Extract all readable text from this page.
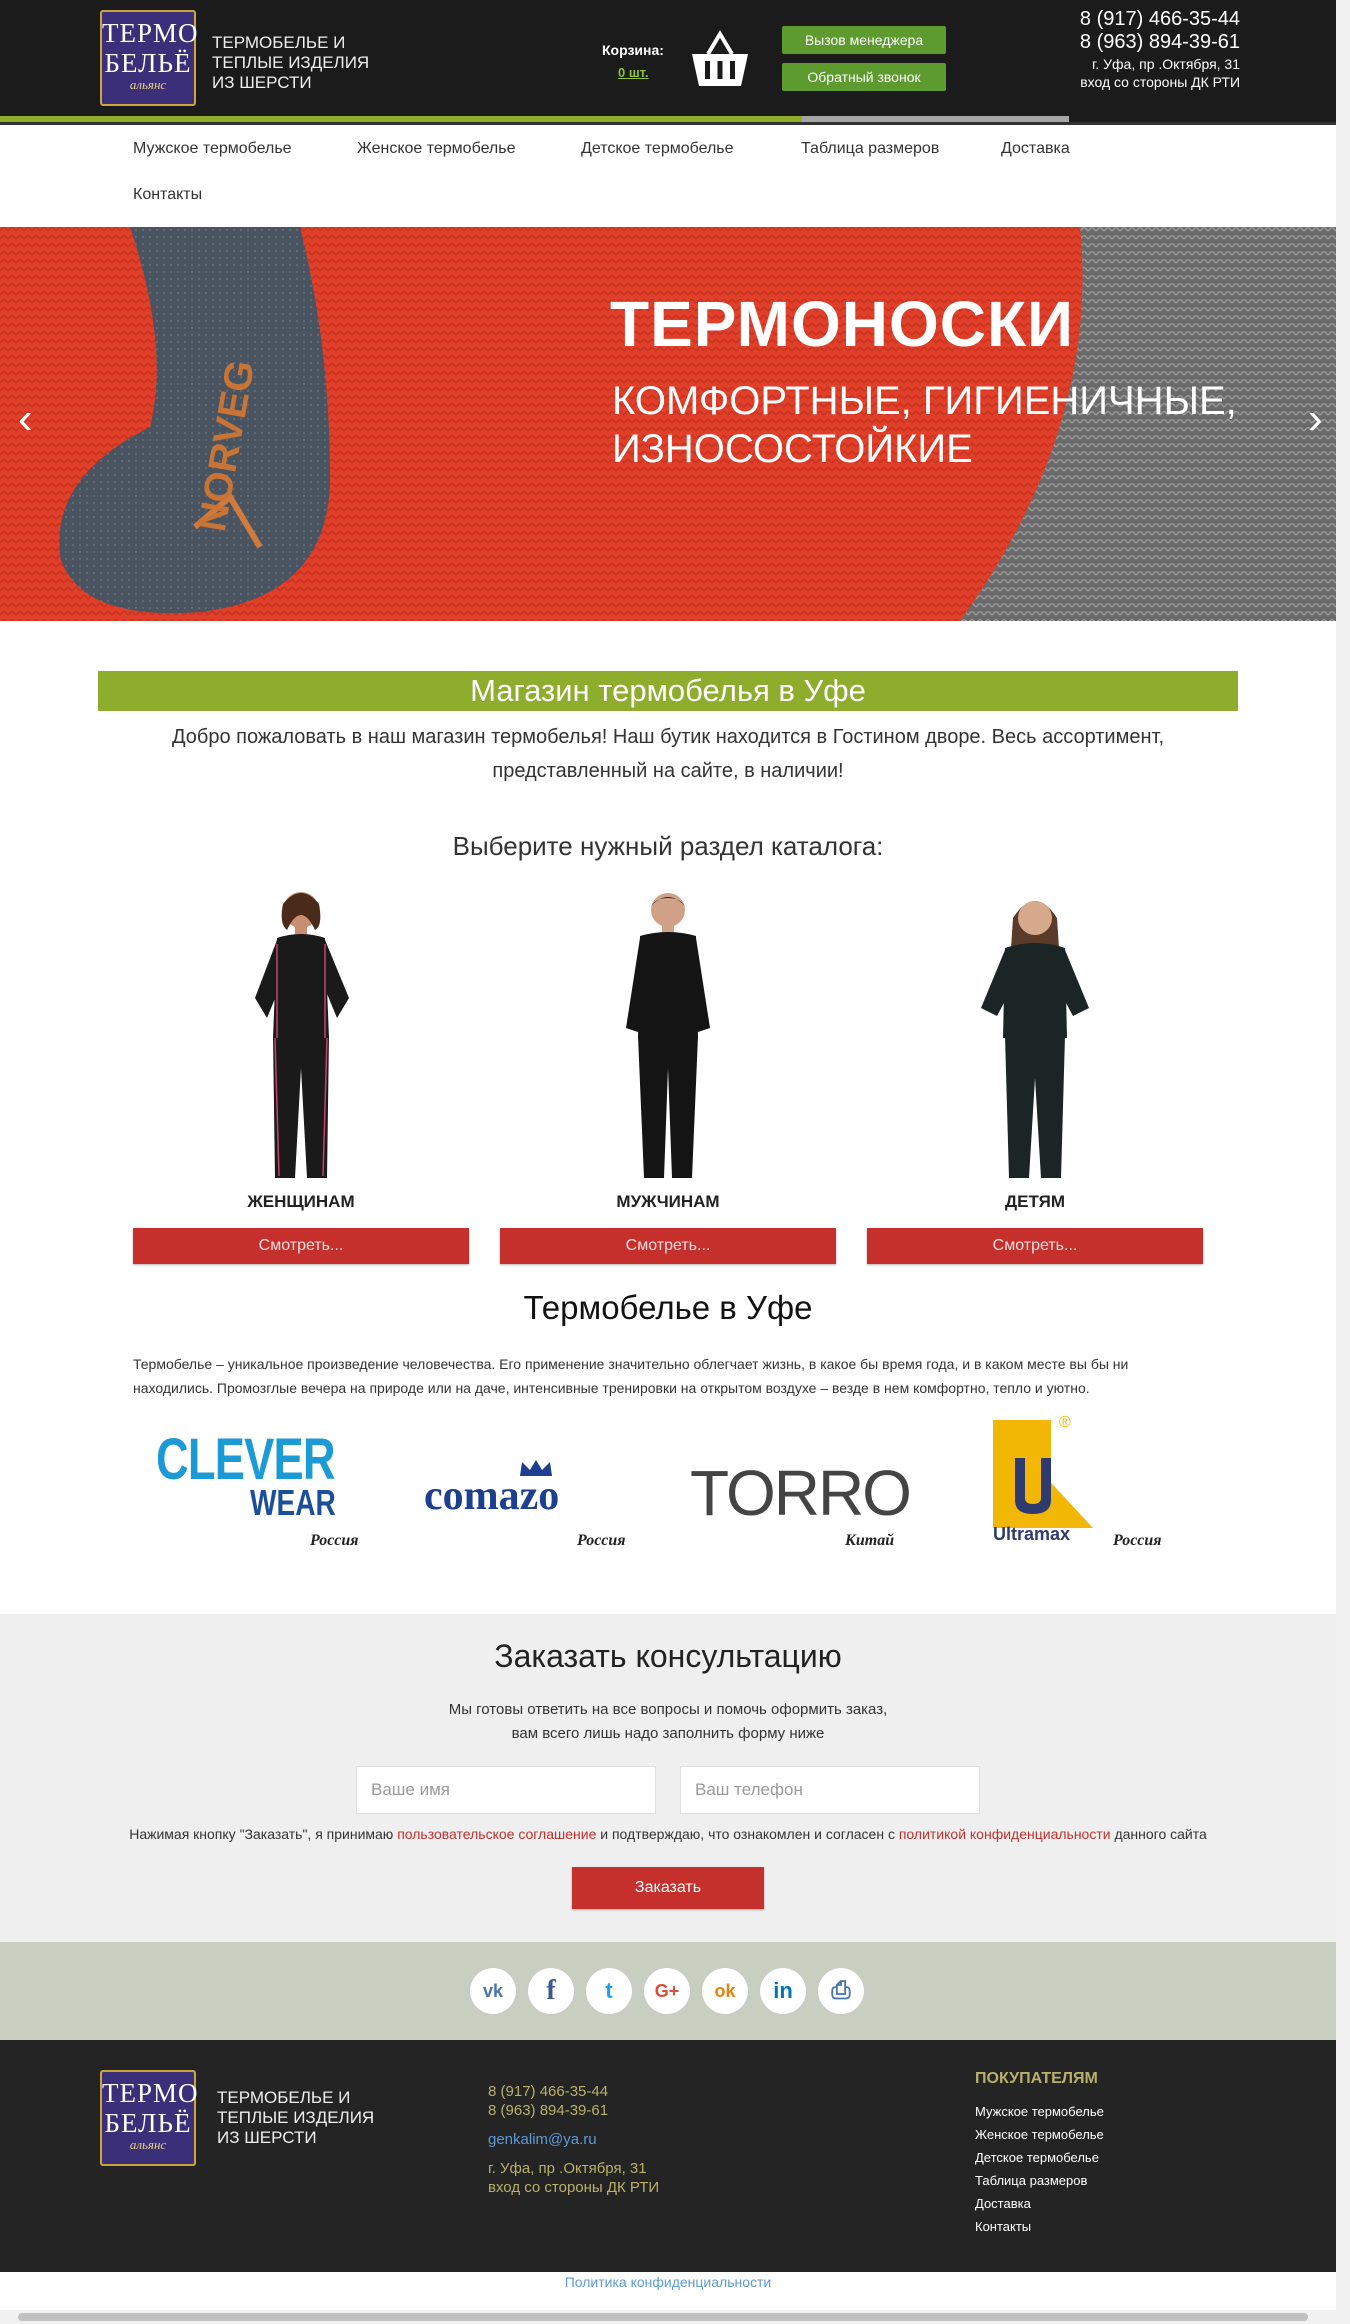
ТЕРМО
БЕЛЬЁ
альянс
ТЕРМОБЕЛЬЕ И
ТЕПЛЫЕ ИЗДЕЛИЯ
ИЗ ШЕРСТИ
Корзина:
0 шт.
Вызов менеджера
Обратный звонок
8 (917) 466-35-44
8 (963) 894-39-61
г. Уфа, пр .Октября, 31
вход со стороны ДК РТИ
Мужское термобелье	Женское термобелье	Детское термобелье	Таблица размеров	Доставка
Контакты
ТЕРМОНОСКИ
КОМФОРТНЫЕ, ГИГИЕНИЧНЫЕ,
ИЗНОСОСТОЙКИЕ
NORVEG
‹	›
Магазин термобелья в Уфе
Добро пожаловать в наш магазин термобелья! Наш бутик находится в Гостином дворе. Весь ассортимент,
представленный на сайте, в наличии!
Выберите нужный раздел каталога:
ЖЕНЩИНАМ
Смотреть...
МУЖЧИНАМ
Смотреть...
ДЕТЯМ
Смотреть...
Термобелье в Уфе
Термобелье – уникальное произведение человечества. Его применение значительно облегчает жизнь, в какое бы время года, и в каком месте вы бы ни
находились. Промозглые вечера на природе или на даче, интенсивные тренировки на открытом воздухе – везде в нем комфортно, тепло и уютно.
CLEVER
WEAR
Россия
comazo
Россия
TORRO
Китай
®
Ultramax	Россия
Заказать консультацию
Мы готовы ответить на все вопросы и помочь оформить заказ,
вам всего лишь надо заполнить форму ниже
Ваше имя	Ваш телефон
Нажимая кнопку "Заказать", я принимаю пользовательское соглашение и подтверждаю, что ознакомлен и согласен с политикой конфиденциальности данного сайта
Заказать
vk	f	t	G+	ok	in	⎙
ТЕРМО
БЕЛЬЁ
альянс
ТЕРМОБЕЛЬЕ И
ТЕПЛЫЕ ИЗДЕЛИЯ
ИЗ ШЕРСТИ
8 (917) 466-35-44
8 (963) 894-39-61
genkalim@ya.ru
г. Уфа, пр .Октября, 31
вход со стороны ДК РТИ
ПОКУПАТЕЛЯМ
Мужское термобелье
Женское термобелье
Детское термобелье
Таблица размеров
Доставка
Контакты
Политика конфиденциальности
